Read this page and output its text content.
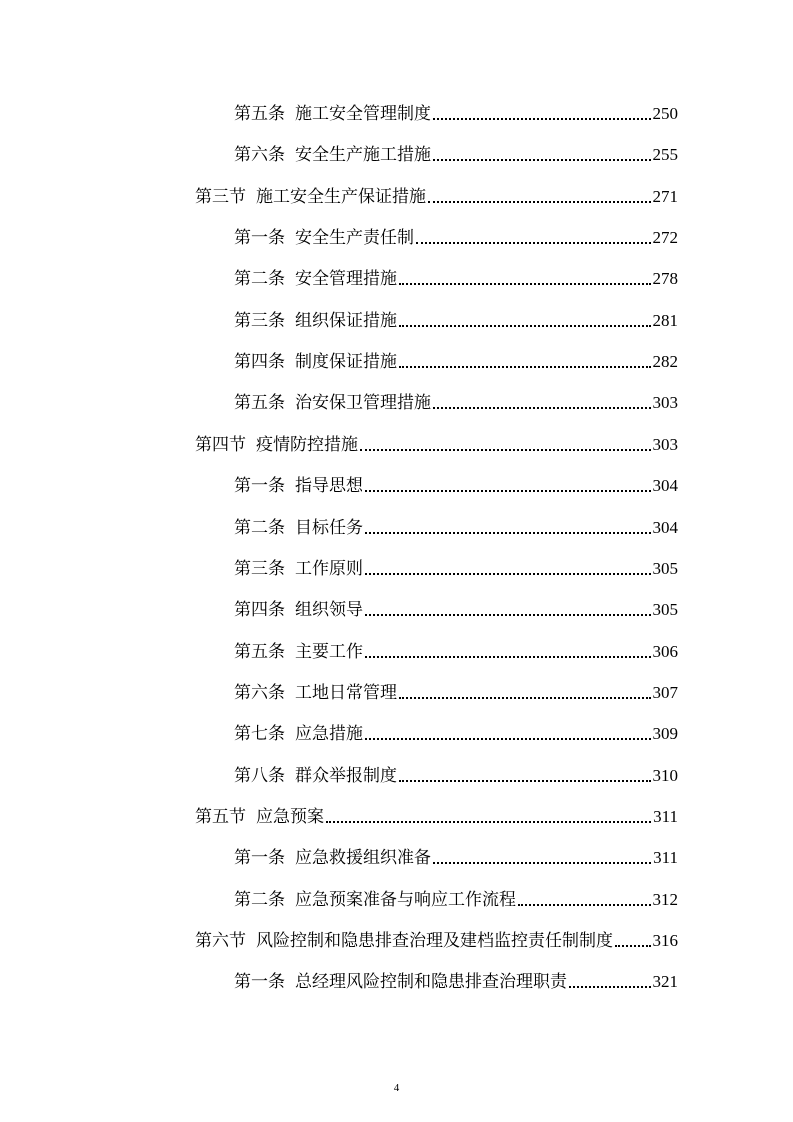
第五条 施工安全管理制度	250
第六条 安全生产施工措施	255
第三节 施工安全生产保证措施	271
第一条 安全生产责任制	272
第二条 安全管理措施	278
第三条 组织保证措施	281
第四条 制度保证措施	282
第五条 治安保卫管理措施	303
第四节 疫情防控措施	303
第一条 指导思想	304
第二条 目标任务	304
第三条 工作原则	305
第四条 组织领导	305
第五条 主要工作	306
第六条 工地日常管理	307
第七条 应急措施	309
第八条 群众举报制度	310
第五节 应急预案	311
第一条 应急救援组织准备	311
第二条 应急预案准备与响应工作流程	312
第六节 风险控制和隐患排查治理及建档监控责任制制度 316
第一条 总经理风险控制和隐患排查治理职责	321
4
